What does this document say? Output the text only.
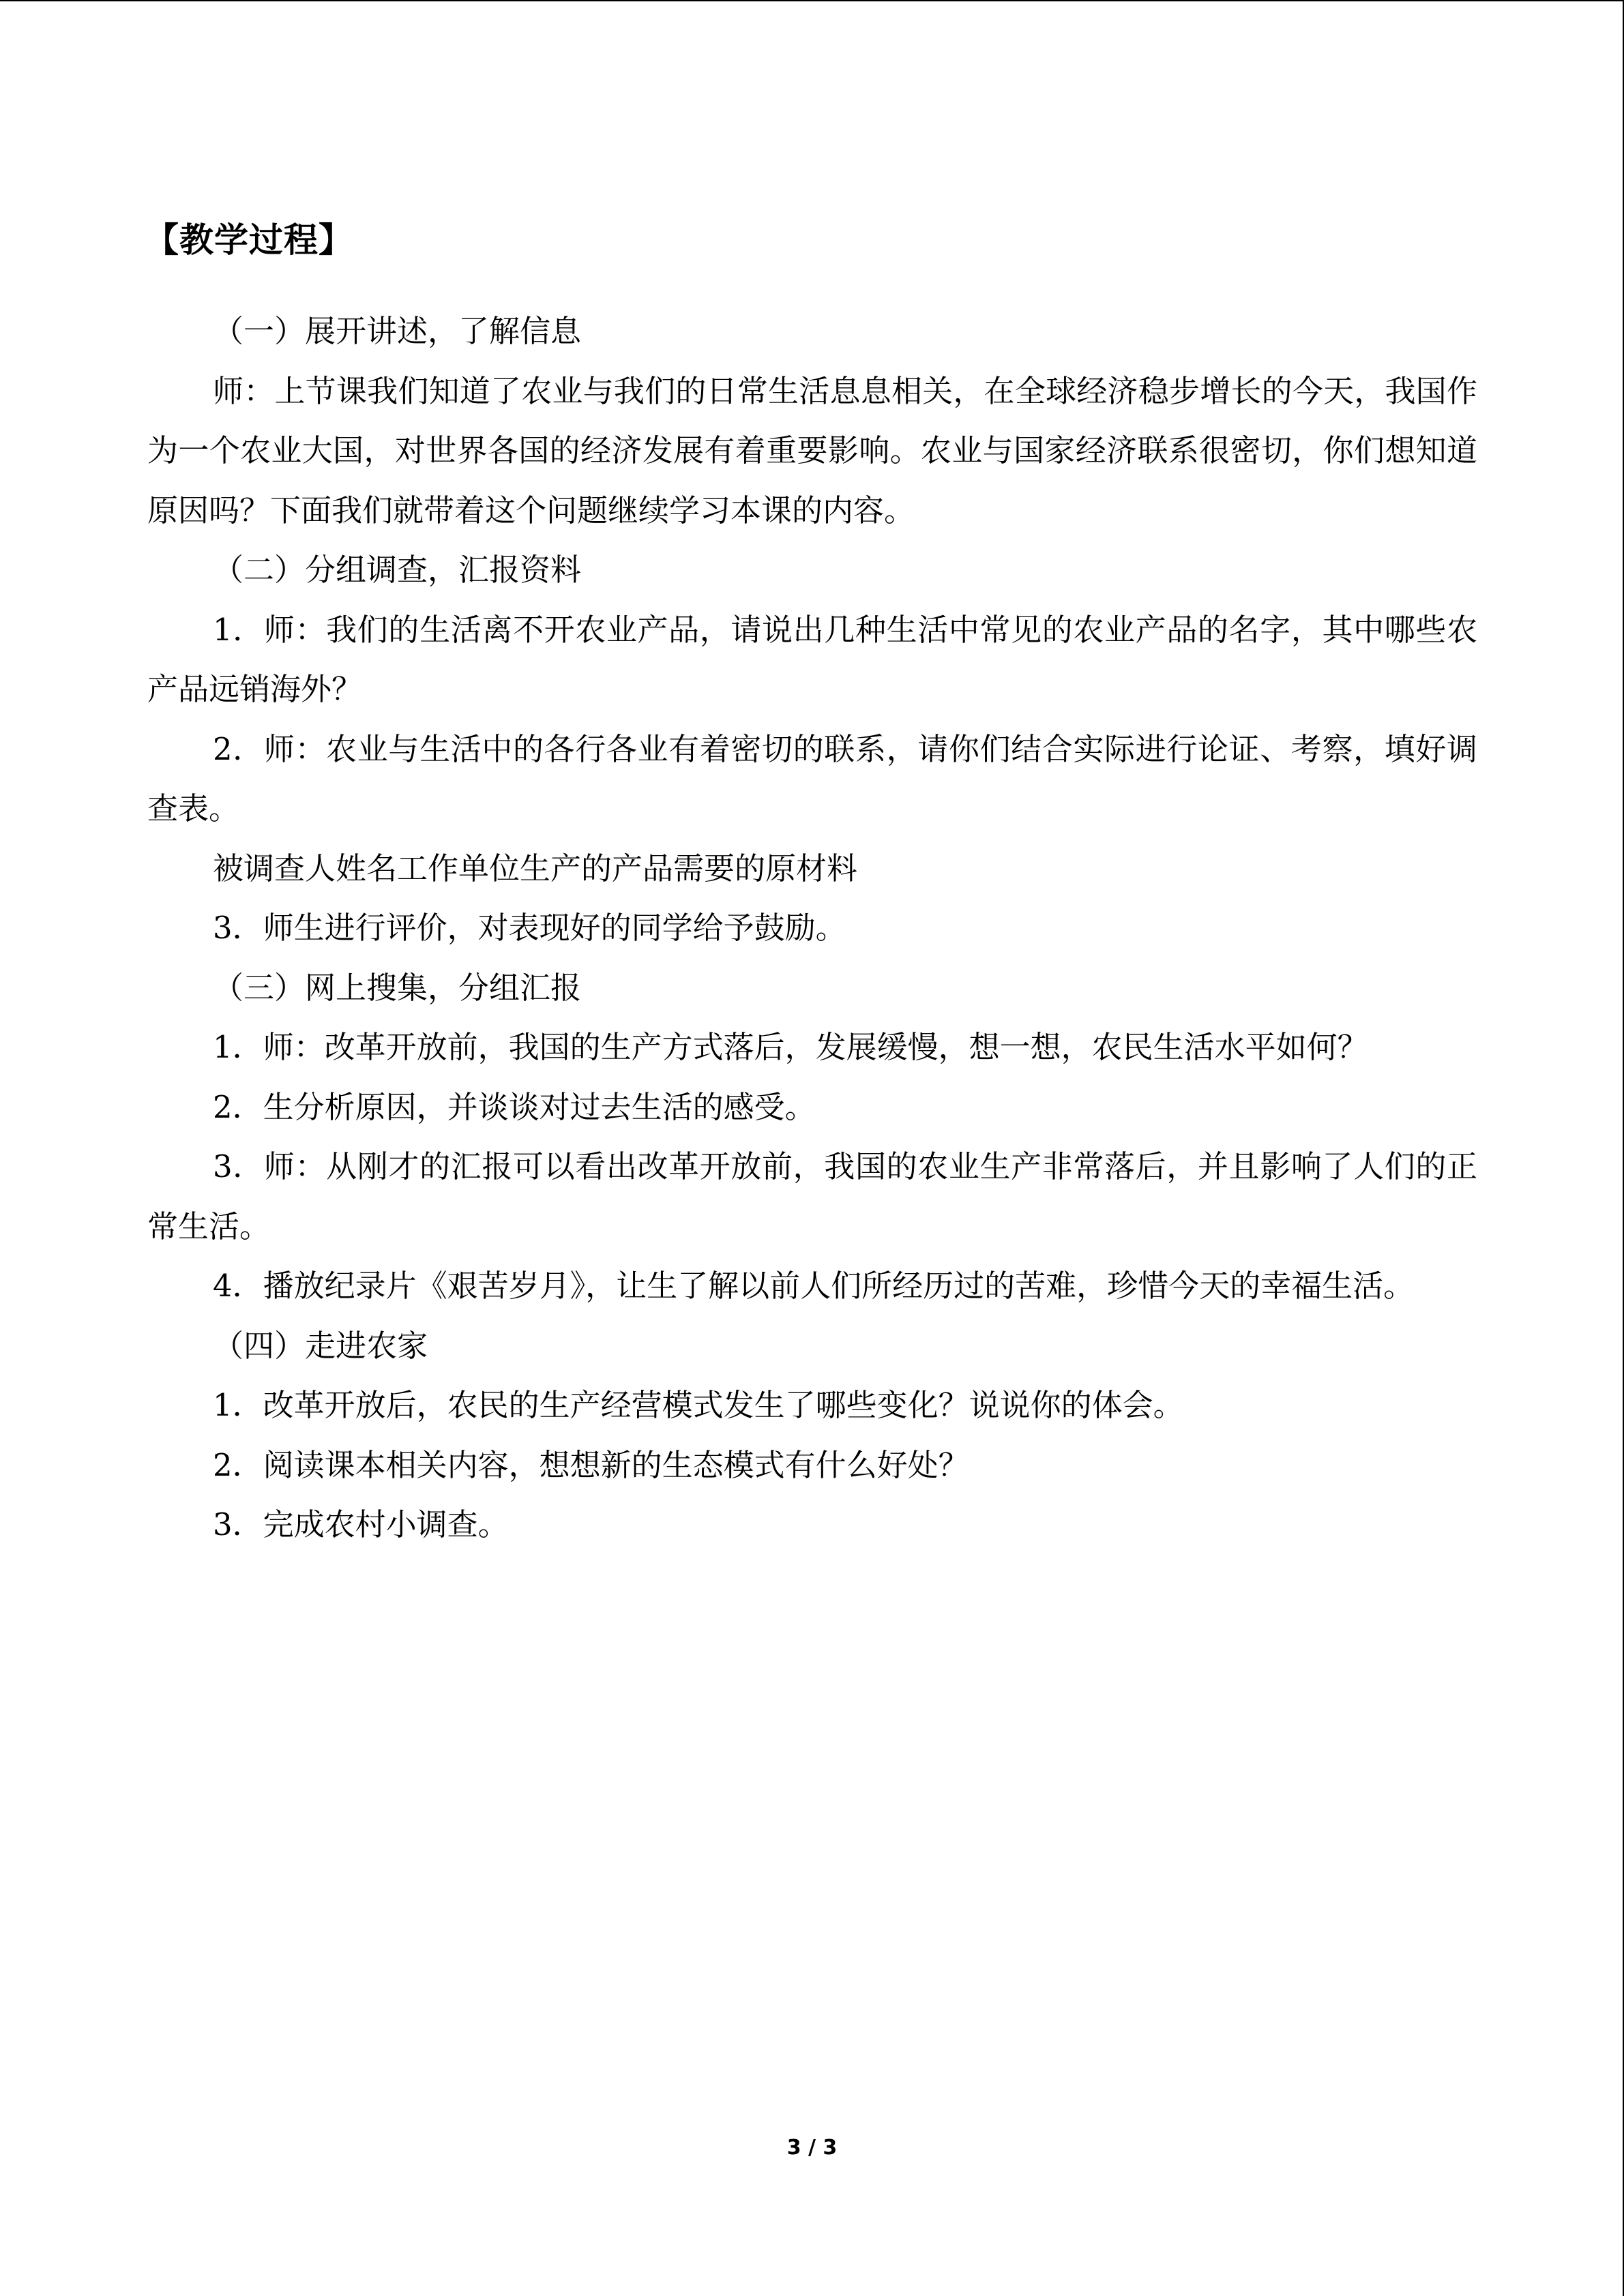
【教学过程】

（一）展开讲述，了解信息

师：上节课我们知道了农业与我们的日常生活息息相关，在全球经济稳步增长的今天，我国作为一个农业大国，对世界各国的经济发展有着重要影响。农业与国家经济联系很密切，你们想知道原因吗？下面我们就带着这个问题继续学习本课的内容。

（二）分组调查，汇报资料

1．师：我们的生活离不开农业产品，请说出几种生活中常见的农业产品的名字，其中哪些农产品远销海外？

2．师：农业与生活中的各行各业有着密切的联系，请你们结合实际进行论证、考察，填好调查表。

被调查人姓名工作单位生产的产品需要的原材料

3．师生进行评价，对表现好的同学给予鼓励。

（三）网上搜集，分组汇报

1．师：改革开放前，我国的生产方式落后，发展缓慢，想一想，农民生活水平如何？

2．生分析原因，并谈谈对过去生活的感受。

3．师：从刚才的汇报可以看出改革开放前，我国的农业生产非常落后，并且影响了人们的正常生活。

4．播放纪录片《艰苦岁月》，让生了解以前人们所经历过的苦难，珍惜今天的幸福生活。

（四）走进农家

1．改革开放后，农民的生产经营模式发生了哪些变化？说说你的体会。

2．阅读课本相关内容，想想新的生态模式有什么好处？

3．完成农村小调查。

3 / 3
